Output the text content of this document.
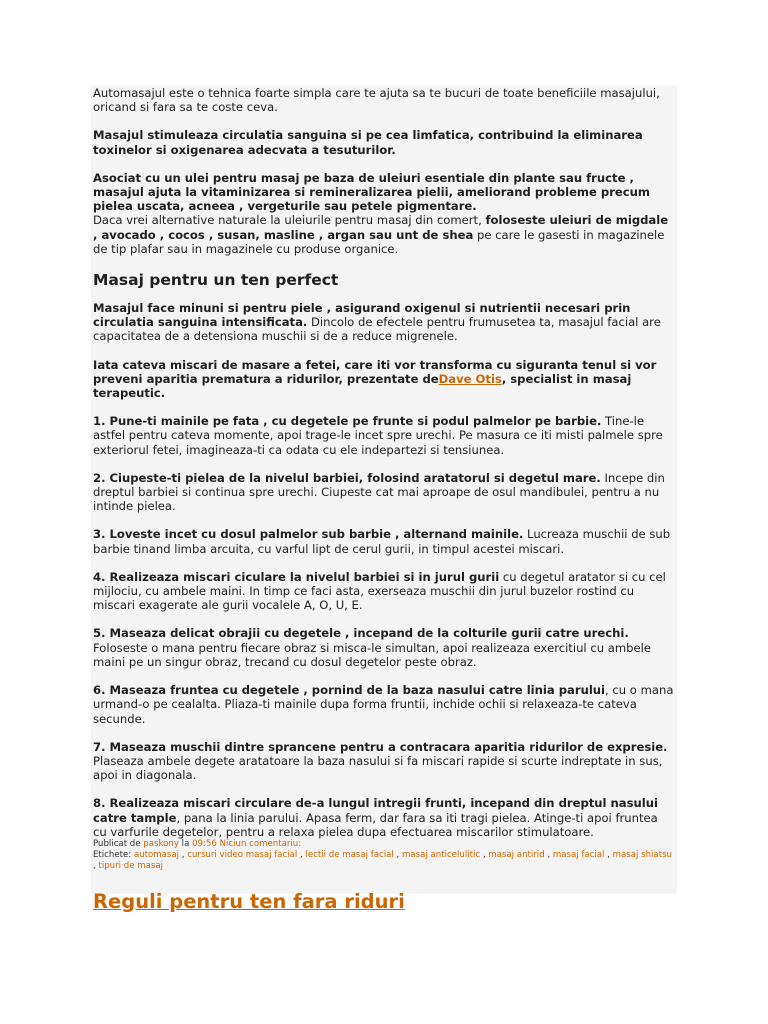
Automasajul este o tehnica foarte simpla care te ajuta sa te bucuri de toate beneficiile masajului, oricand si fara sa te coste ceva.

Masajul stimuleaza circulatia sanguina si pe cea limfatica, contribuind la eliminarea toxinelor si oxigenarea adecvata a tesuturilor.

Asociat cu un ulei pentru masaj pe baza de uleiuri esentiale din plante sau fructe , masajul ajuta la vitaminizarea si remineralizarea pielii, ameliorand probleme precum pielea uscata, acneea , vergeturile sau petele pigmentare.
Daca vrei alternative naturale la uleiurile pentru masaj din comert, foloseste uleiuri de migdale , avocado , cocos , susan, masline , argan sau unt de shea pe care le gasesti in magazinele de tip plafar sau in magazinele cu produse organice.

Masaj pentru un ten perfect

Masajul face minuni si pentru piele , asigurand oxigenul si nutrientii necesari prin circulatia sanguina intensificata. Dincolo de efectele pentru frumusetea ta, masajul facial are capacitatea de a detensiona muschii si de a reduce migrenele.

Iata cateva miscari de masare a fetei, care iti vor transforma cu siguranta tenul si vor preveni aparitia prematura a ridurilor, prezentate deDave Otis, specialist in masaj terapeutic.

1. Pune-ti mainile pe fata , cu degetele pe frunte si podul palmelor pe barbie. Tine-le astfel pentru cateva momente, apoi trage-le incet spre urechi. Pe masura ce iti misti palmele spre exteriorul fetei, imagineaza-ti ca odata cu ele indepartezi si tensiunea.

2. Ciupeste-ti pielea de la nivelul barbiei, folosind aratatorul si degetul mare. Incepe din dreptul barbiei si continua spre urechi. Ciupeste cat mai aproape de osul mandibulei, pentru a nu intinde pielea.

3. Loveste incet cu dosul palmelor sub barbie , alternand mainile. Lucreaza muschii de sub barbie tinand limba arcuita, cu varful lipt de cerul gurii, in timpul acestei miscari.

4. Realizeaza miscari ciculare la nivelul barbiei si in jurul gurii cu degetul aratator si cu cel mijlociu, cu ambele maini. In timp ce faci asta, exerseaza muschii din jurul buzelor rostind cu miscari exagerate ale gurii vocalele A, O, U, E.

5. Maseaza delicat obrajii cu degetele , incepand de la colturile gurii catre urechi. Foloseste o mana pentru fiecare obraz si misca-le simultan, apoi realizeaza exercitiul cu ambele maini pe un singur obraz, trecand cu dosul degetelor peste obraz.

6. Maseaza fruntea cu degetele , pornind de la baza nasului catre linia parului, cu o mana urmand-o pe cealalta. Pliaza-ti mainile dupa forma fruntii, inchide ochii si relaxeaza-te cateva secunde.

7. Maseaza muschii dintre sprancene pentru a contracara aparitia ridurilor de expresie. Plaseaza ambele degete aratatoare la baza nasului si fa miscari rapide si scurte indreptate in sus, apoi in diagonala.

8. Realizeaza miscari circulare de-a lungul intregii frunti, incepand din dreptul nasului catre tample, pana la linia parului. Apasa ferm, dar fara sa iti tragi pielea. Atinge-ti apoi fruntea cu varfurile degetelor, pentru a relaxa pielea dupa efectuarea miscarilor stimulatoare.

Publicat de paskony la 09:56 Niciun comentariu:
Etichete: automasaj , cursuri video masaj facial , lectii de masaj facial , masaj anticelulitic , masaj antirid , masaj facial , masaj shiatsu , tipuri de masaj
Reguli pentru ten fara riduri
